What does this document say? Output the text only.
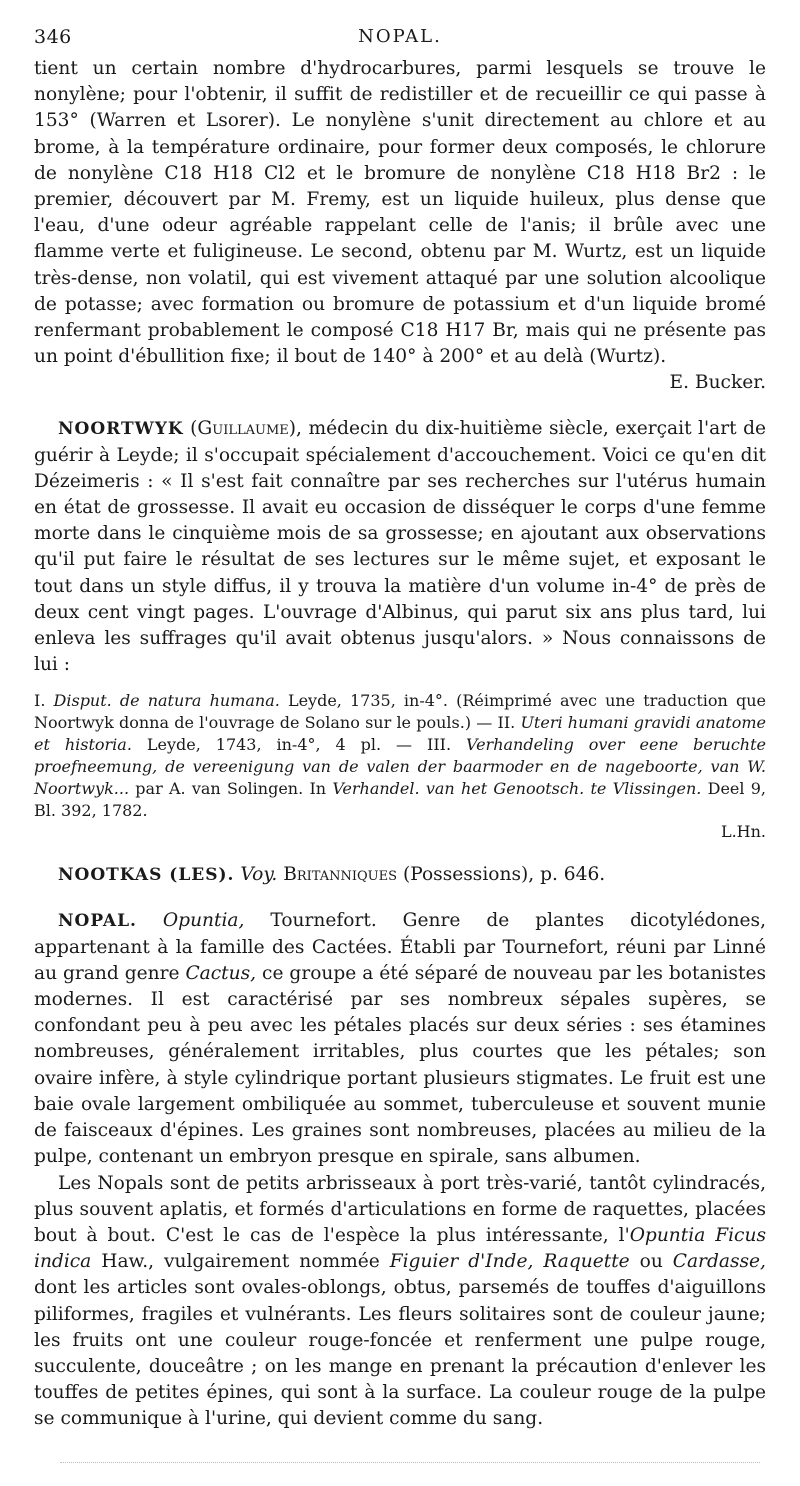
346	NOPAL.

tient un certain nombre d'hydrocarbures, parmi lesquels se trouve le nonylène; pour l'obtenir, il suffit de redistiller et de recueillir ce qui passe à 153° (Warren et Lsorer). Le nonylène s'unit directement au chlore et au brome, à la température ordinaire, pour former deux composés, le chlorure de nonylène C18 H18 Cl2 et le bromure de nonylène C18 H18 Br2 : le premier, découvert par M. Fremy, est un liquide huileux, plus dense que l'eau, d'une odeur agréable rappelant celle de l'anis; il brûle avec une flamme verte et fuligineuse. Le second, obtenu par M. Wurtz, est un liquide très-dense, non volatil, qui est vivement attaqué par une solution alcoolique de potasse; avec formation ou bromure de potassium et d'un liquide bromé renfermant probablement le composé C18 H17 Br, mais qui ne présente pas un point d'ébullition fixe; il bout de 140° à 200° et au delà (Wurtz).

E. Bucker.

NOORTWYK (Guillaume), médecin du dix-huitième siècle, exerçait l'art de guérir à Leyde; il s'occupait spécialement d'accouchement. Voici ce qu'en dit Dézeimeris : « Il s'est fait connaître par ses recherches sur l'utérus humain en état de grossesse. Il avait eu occasion de disséquer le corps d'une femme morte dans le cinquième mois de sa grossesse; en ajoutant aux observations qu'il put faire le résultat de ses lectures sur le même sujet, et exposant le tout dans un style diffus, il y trouva la matière d'un volume in-4° de près de deux cent vingt pages. L'ouvrage d'Albinus, qui parut six ans plus tard, lui enleva les suffrages qu'il avait obtenus jusqu'alors. » Nous connaissons de lui :

I. Disput. de natura humana. Leyde, 1735, in-4°. (Réimprimé avec une traduction que Noortwyk donna de l'ouvrage de Solano sur le pouls.) — II. Uteri humani gravidi anatome et historia. Leyde, 1743, in-4°, 4 pl. — III. Verhandeling over eene beruchte proefneemung, de vereenigung van de valen der baarmoder en de nageboorte, van W. Noortwyk... par A. van Solingen. In Verhandel. van het Genootsch. te Vlissingen. Deel 9, Bl. 392, 1782.

L.Hn.

NOOTKAS (LES). Voy. Britanniques (Possessions), p. 646.

NOPAL. Opuntia, Tournefort. Genre de plantes dicotylédones, appartenant à la famille des Cactées. Établi par Tournefort, réuni par Linné au grand genre Cactus, ce groupe a été séparé de nouveau par les botanistes modernes. Il est caractérisé par ses nombreux sépales supères, se confondant peu à peu avec les pétales placés sur deux séries : ses étamines nombreuses, généralement irritables, plus courtes que les pétales; son ovaire infère, à style cylindrique portant plusieurs stigmates. Le fruit est une baie ovale largement ombiliquée au sommet, tuberculeuse et souvent munie de faisceaux d'épines. Les graines sont nombreuses, placées au milieu de la pulpe, contenant un embryon presque en spirale, sans albumen.

Les Nopals sont de petits arbrisseaux à port très-varié, tantôt cylindracés, plus souvent aplatis, et formés d'articulations en forme de raquettes, placées bout à bout. C'est le cas de l'espèce la plus intéressante, l'Opuntia Ficus indica Haw., vulgairement nommée Figuier d'Inde, Raquette ou Cardasse, dont les articles sont ovales-oblongs, obtus, parsemés de touffes d'aiguillons piliformes, fragiles et vulnérants. Les fleurs solitaires sont de couleur jaune; les fruits ont une couleur rouge-foncée et renferment une pulpe rouge, succulente, douceâtre ; on les mange en prenant la précaution d'enlever les touffes de petites épines, qui sont à la surface. La couleur rouge de la pulpe se communique à l'urine, qui devient comme du sang.
